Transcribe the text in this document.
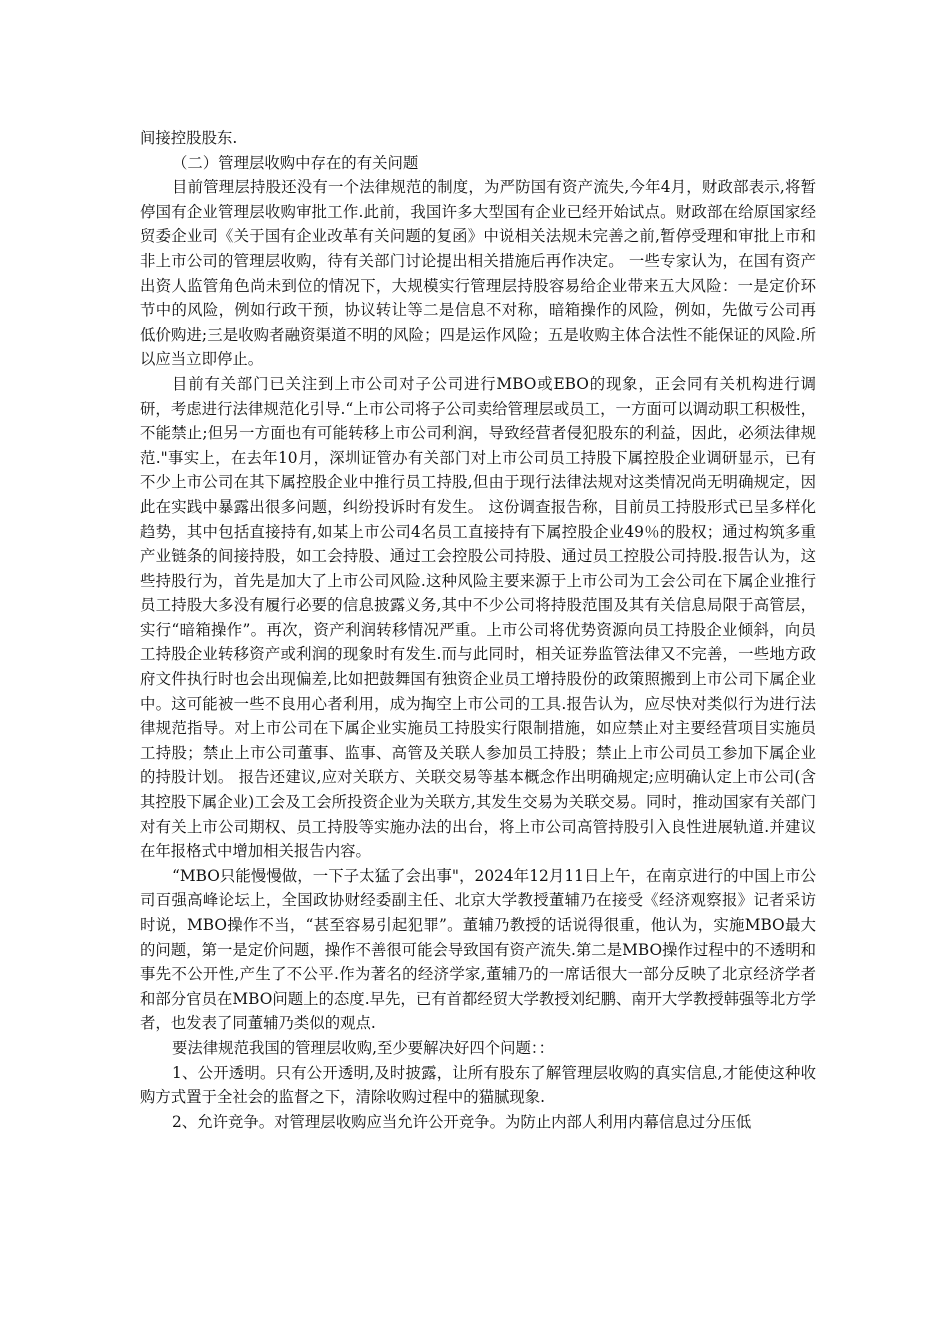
间接控股股东.

（二）管理层收购中存在的有关问题

目前管理层持股还没有一个法律规范的制度，为严防国有资产流失,今年4月，财政部表示,将暂停国有企业管理层收购审批工作.此前，我国许多大型国有企业已经开始试点。财政部在给原国家经贸委企业司《关于国有企业改革有关问题的复函》中说相关法规未完善之前,暂停受理和审批上市和非上市公司的管理层收购，待有关部门讨论提出相关措施后再作决定。 一些专家认为，在国有资产出资人监管角色尚未到位的情况下，大规模实行管理层持股容易给企业带来五大风险：一是定价环节中的风险，例如行政干预，协议转让等二是信息不对称，暗箱操作的风险，例如，先做亏公司再低价购进;三是收购者融资渠道不明的风险；四是运作风险；五是收购主体合法性不能保证的风险.所以应当立即停止。

目前有关部门已关注到上市公司对子公司进行MBO或EBO的现象，正会同有关机构进行调研，考虑进行法律规范化引导.“上市公司将子公司卖给管理层或员工，一方面可以调动职工积极性，不能禁止;但另一方面也有可能转移上市公司利润，导致经营者侵犯股东的利益，因此，必须法律规范."事实上，在去年10月，深圳证管办有关部门对上市公司员工持股下属控股企业调研显示，已有不少上市公司在其下属控股企业中推行员工持股,但由于现行法律法规对这类情况尚无明确规定，因此在实践中暴露出很多问题，纠纷投诉时有发生。 这份调查报告称，目前员工持股形式已呈多样化趋势，其中包括直接持有,如某上市公司4名员工直接持有下属控股企业49％的股权；通过构筑多重产业链条的间接持股，如工会持股、通过工会控股公司持股、通过员工控股公司持股.报告认为，这些持股行为，首先是加大了上市公司风险.这种风险主要来源于上市公司为工会公司在下属企业推行员工持股大多没有履行必要的信息披露义务,其中不少公司将持股范围及其有关信息局限于高管层，实行“暗箱操作”。再次，资产利润转移情况严重。上市公司将优势资源向员工持股企业倾斜，向员工持股企业转移资产或利润的现象时有发生.而与此同时，相关证券监管法律又不完善，一些地方政府文件执行时也会出现偏差,比如把鼓舞国有独资企业员工增持股份的政策照搬到上市公司下属企业中。这可能被一些不良用心者利用，成为掏空上市公司的工具.报告认为，应尽快对类似行为进行法律规范指导。对上市公司在下属企业实施员工持股实行限制措施，如应禁止对主要经营项目实施员工持股；禁止上市公司董事、监事、高管及关联人参加员工持股；禁止上市公司员工参加下属企业的持股计划。 报告还建议,应对关联方、关联交易等基本概念作出明确规定;应明确认定上市公司(含其控股下属企业)工会及工会所投资企业为关联方,其发生交易为关联交易。同时，推动国家有关部门对有关上市公司期权、员工持股等实施办法的出台，将上市公司高管持股引入良性进展轨道.并建议在年报格式中增加相关报告内容。

“MBO只能慢慢做，一下子太猛了会出事"，2024年12月11日上午，在南京进行的中国上市公司百强高峰论坛上，全国政协财经委副主任、北京大学教授董辅乃在接受《经济观察报》记者采访时说，MBO操作不当，“甚至容易引起犯罪”。董辅乃教授的话说得很重，他认为，实施MBO最大的问题，第一是定价问题，操作不善很可能会导致国有资产流失.第二是MBO操作过程中的不透明和事先不公开性,产生了不公平.作为著名的经济学家,董辅乃的一席话很大一部分反映了北京经济学者和部分官员在MBO问题上的态度.早先，已有首都经贸大学教授刘纪鹏、南开大学教授韩强等北方学者，也发表了同董辅乃类似的观点.

要法律规范我国的管理层收购,至少要解决好四个问题：：

1、公开透明。只有公开透明,及时披露，让所有股东了解管理层收购的真实信息,才能使这种收购方式置于全社会的监督之下，清除收购过程中的猫腻现象.

2、允许竞争。对管理层收购应当允许公开竞争。为防止内部人利用内幕信息过分压低
